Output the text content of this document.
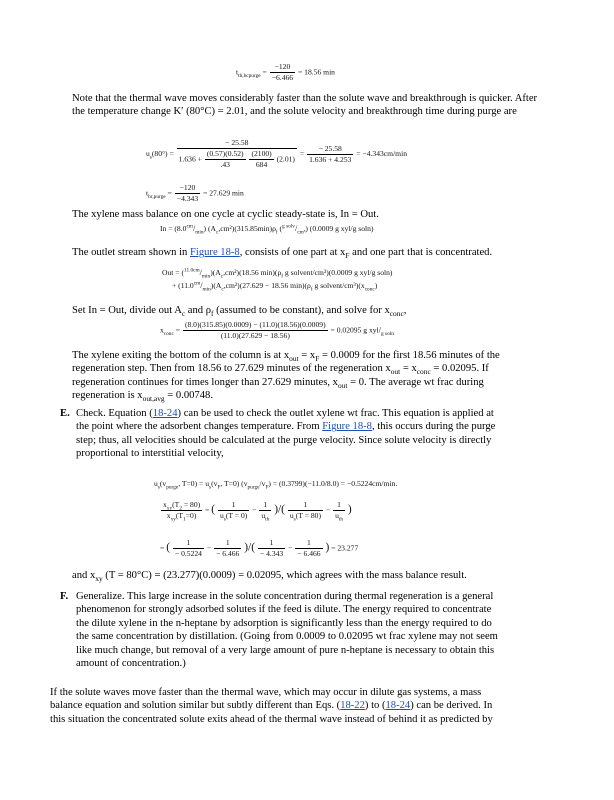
$t_{th,bcpurge} = \frac{-120}{-6.466} = 18.56$ min
Note that the thermal wave moves considerably faster than the solute wave and breakthrough is quicker. After the temperature change K′ (80°C) = 2.01, and the solute velocity and breakthrough time during purge are
$u_s(80^\circ)$ = − 25.58
$1.636 + \frac{(0.57)(0.52)}{.43}$
$\frac{(2100)}{684} (2.01) = \frac{- 25.58}{1.636 + 4.253} = -4.343cm/\min$
$t_{br,purge} = \frac{-120}{-4.343} = 27.629$ min
The xylene mass balance on one cycle at cyclic steady-state is, In = Out.
$In = (8.0^{cm}/_{min})$ $(A_c,cm^2)(315.85\min)\rho_f$ $(^{g solv}/_{cm^3})$ (0.0009 g xyl/g soln)
The outlet stream shown in Figure 18-8, consists of one part at $x_F$ and one part that is concentrated.
Out = $(^{11.0cm}/_{min})(A_c,cm^2)(18.56$ $\min)(\rho_f$ g solvent/cm³)(0.0009 g xyl/g soln)
+ $(11.0^{cm}/_{min})(A_c,cm^2)(27.629 - 18.56$ $\min)(\rho_f$ g solvent/$cm^3)(x_{conc})$
Set In = Out, divide out $A_c$ and $\rho_f$ (assumed to be constant), and solve for $x_{conc}$,
$x_{conc} = \frac{(8.0)(315.85)(0.0009) - (11.0)(18.56)(0.0009)}{(11.0)(27.629 - 18.56)} = 0.02095$ g xyl/$_{g soln}$
The xylene exiting the bottom of the column is at $x_{out} = x_F = 0.0009$ for the first 18.56 minutes of the
regeneration step. Then from 18.56 to 27.629 minutes of the regeneration $x_{out} = x_{conc} = 0.02095$. If
regeneration continues for times longer than 27.629 minutes, $x_{out} = 0$. The average wt frac during
regeneration is $x_{out,avg} = 0.00748$.
E. Check. Equation (18-24) can be used to check the outlet xylene wt frac. This equation is applied at
the point where the adsorbent changes temperature. From Figure 18-8, this occurs during the purge
step; thus, all velocities should be calculated at the purge velocity. Since solute velocity is directly
proportional to interstitial velocity,
$u_s(v_{purge}$, $T=0) = u_s(v_F$, T=0) $(v_{purge}/v_F) = (0.3799)(-11.0/8.0) = -0.5224cm/\min$.
$\frac{x_{xy}(T_2 = 80)}{x_{xy}(T_1=0)}$ = ( $\frac{1}{u_s(T = 0)} - \frac{1}{u_{th}}$ )/( $\frac{1}{u_s(T = 80)} - \frac{1}{u_{th}}$ )
= ( $\frac{1}{- 0.5224} - \frac{1}{- 6.466}$ )/( $\frac{1}{- 4.343} - \frac{1}{- 6.466}$ ) = 23.277
and $x_{xy}$ (T = 80°C) = (23.277)(0.0009) = 0.02095, which agrees with the mass balance result.
F. Generalize. This large increase in the solute concentration during thermal regeneration is a general
phenomenon for strongly adsorbed solutes if the feed is dilute. The energy required to concentrate
the dilute xylene in the n-heptane by adsorption is significantly less than the energy required to do
the same concentration by distillation. (Going from 0.0009 to 0.02095 wt frac xylene may not seem
like much change, but removal of a very large amount of pure n-heptane is necessary to obtain this
amount of concentration.)
If the solute waves move faster than the thermal wave, which may occur in dilute gas systems, a mass
balance equation and solution similar but subtly different than Eqs. (18-22) to (18-24) can be derived. In
this situation the concentrated solute exits ahead of the thermal wave instead of behind it as predicted by
